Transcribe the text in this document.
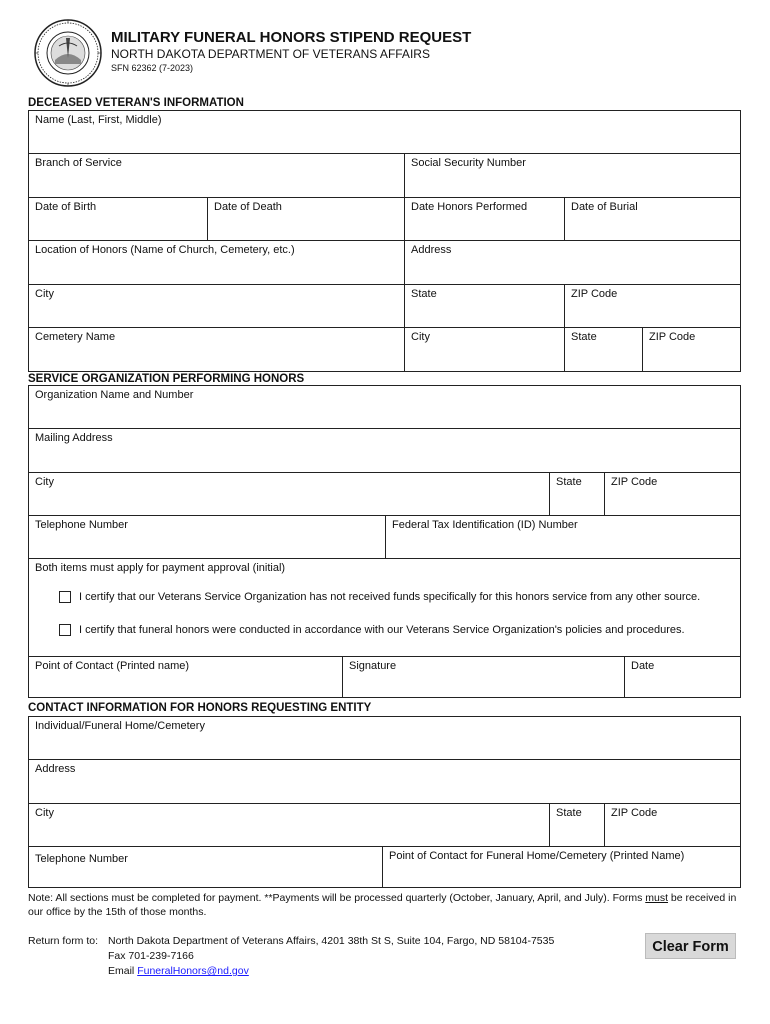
MILITARY FUNERAL HONORS STIPEND REQUEST
NORTH DAKOTA DEPARTMENT OF VETERANS AFFAIRS
SFN 62362 (7-2023)
DECEASED VETERAN'S INFORMATION
Name (Last, First, Middle)
Branch of Service	Social Security Number
Date of Birth	Date of Death	Date Honors Performed	Date of Burial
Location of Honors (Name of Church, Cemetery, etc.)	Address
City	State	ZIP Code
Cemetery Name	City	State	ZIP Code
SERVICE ORGANIZATION PERFORMING HONORS
Organization Name and Number
Mailing Address
City	State	ZIP Code
Telephone Number	Federal Tax Identification (ID) Number
Both items must apply for payment approval (initial)
I certify that our Veterans Service Organization has not received funds specifically for this honors service from any other source.
I certify that funeral honors were conducted in accordance with our Veterans Service Organization's policies and procedures.
Point of Contact (Printed name)	Signature	Date
CONTACT INFORMATION FOR HONORS REQUESTING ENTITY
Individual/Funeral Home/Cemetery
Address
City	State	ZIP Code
Telephone Number	Point of Contact for Funeral Home/Cemetery (Printed Name)
Note: All sections must be completed for payment. **Payments will be processed quarterly (October, January, April, and July). Forms must be received in our office by the 15th of those months.
Return form to: North Dakota Department of Veterans Affairs, 4201 38th St S, Suite 104, Fargo, ND 58104-7535
Fax 701-239-7166
Email FuneralHonors@nd.gov
Clear Form
